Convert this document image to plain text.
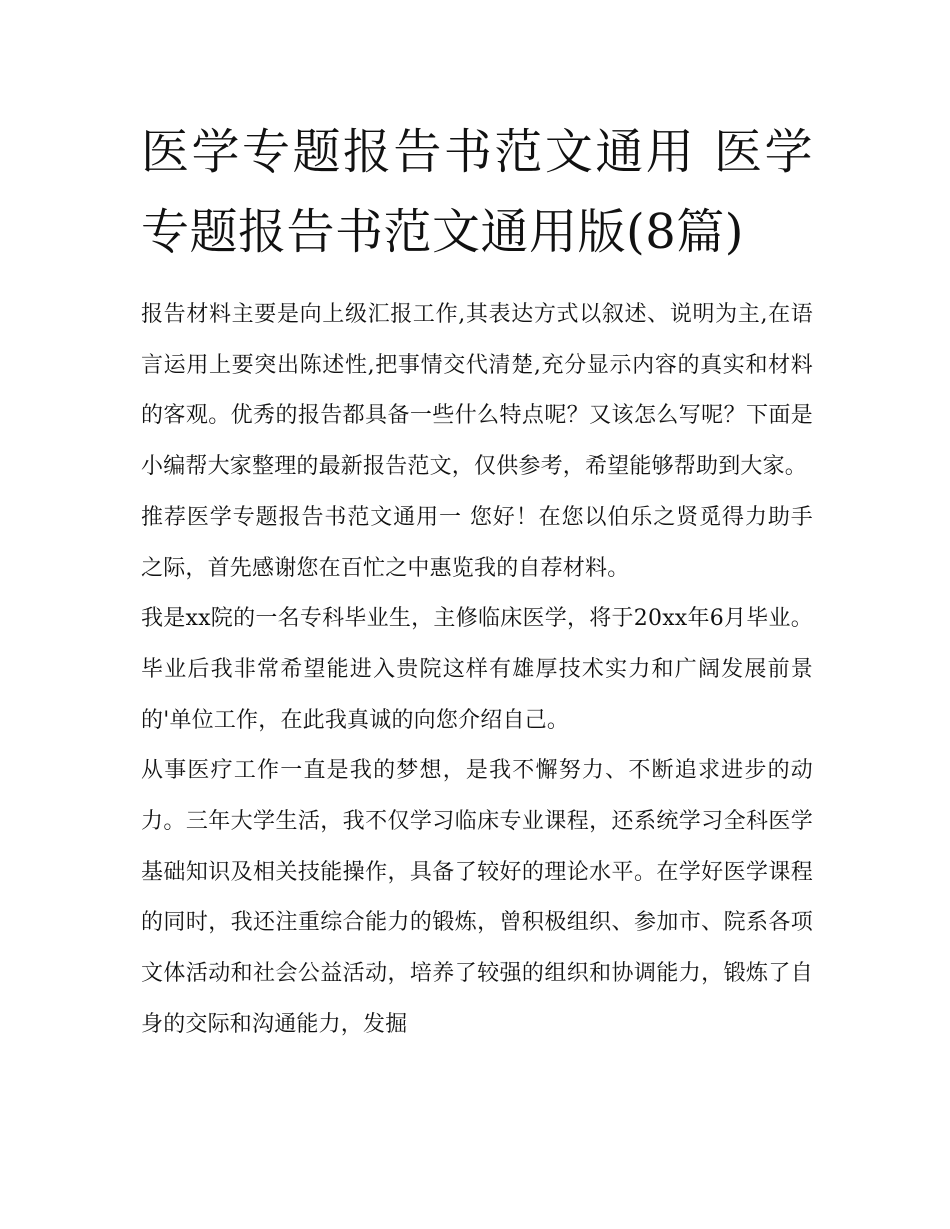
医学专题报告书范文通用 医学专题报告书范文通用版(8篇)

报告材料主要是向上级汇报工作,其表达方式以叙述、说明为主,在语言运用上要突出陈述性,把事情交代清楚,充分显示内容的真实和材料的客观。优秀的报告都具备一些什么特点呢？又该怎么写呢？下面是小编帮大家整理的最新报告范文，仅供参考，希望能够帮助到大家。

推荐医学专题报告书范文通用一 您好！在您以伯乐之贤觅得力助手之际，首先感谢您在百忙之中惠览我的自荐材料。

我是xx院的一名专科毕业生，主修临床医学，将于20xx年6月毕业。毕业后我非常希望能进入贵院这样有雄厚技术实力和广阔发展前景的'单位工作，在此我真诚的向您介绍自己。

从事医疗工作一直是我的梦想，是我不懈努力、不断追求进步的动力。三年大学生活，我不仅学习临床专业课程，还系统学习全科医学基础知识及相关技能操作，具备了较好的理论水平。在学好医学课程的同时，我还注重综合能力的锻炼，曾积极组织、参加市、院系各项文体活动和社会公益活动，培养了较强的组织和协调能力，锻炼了自身的交际和沟通能力，发掘
